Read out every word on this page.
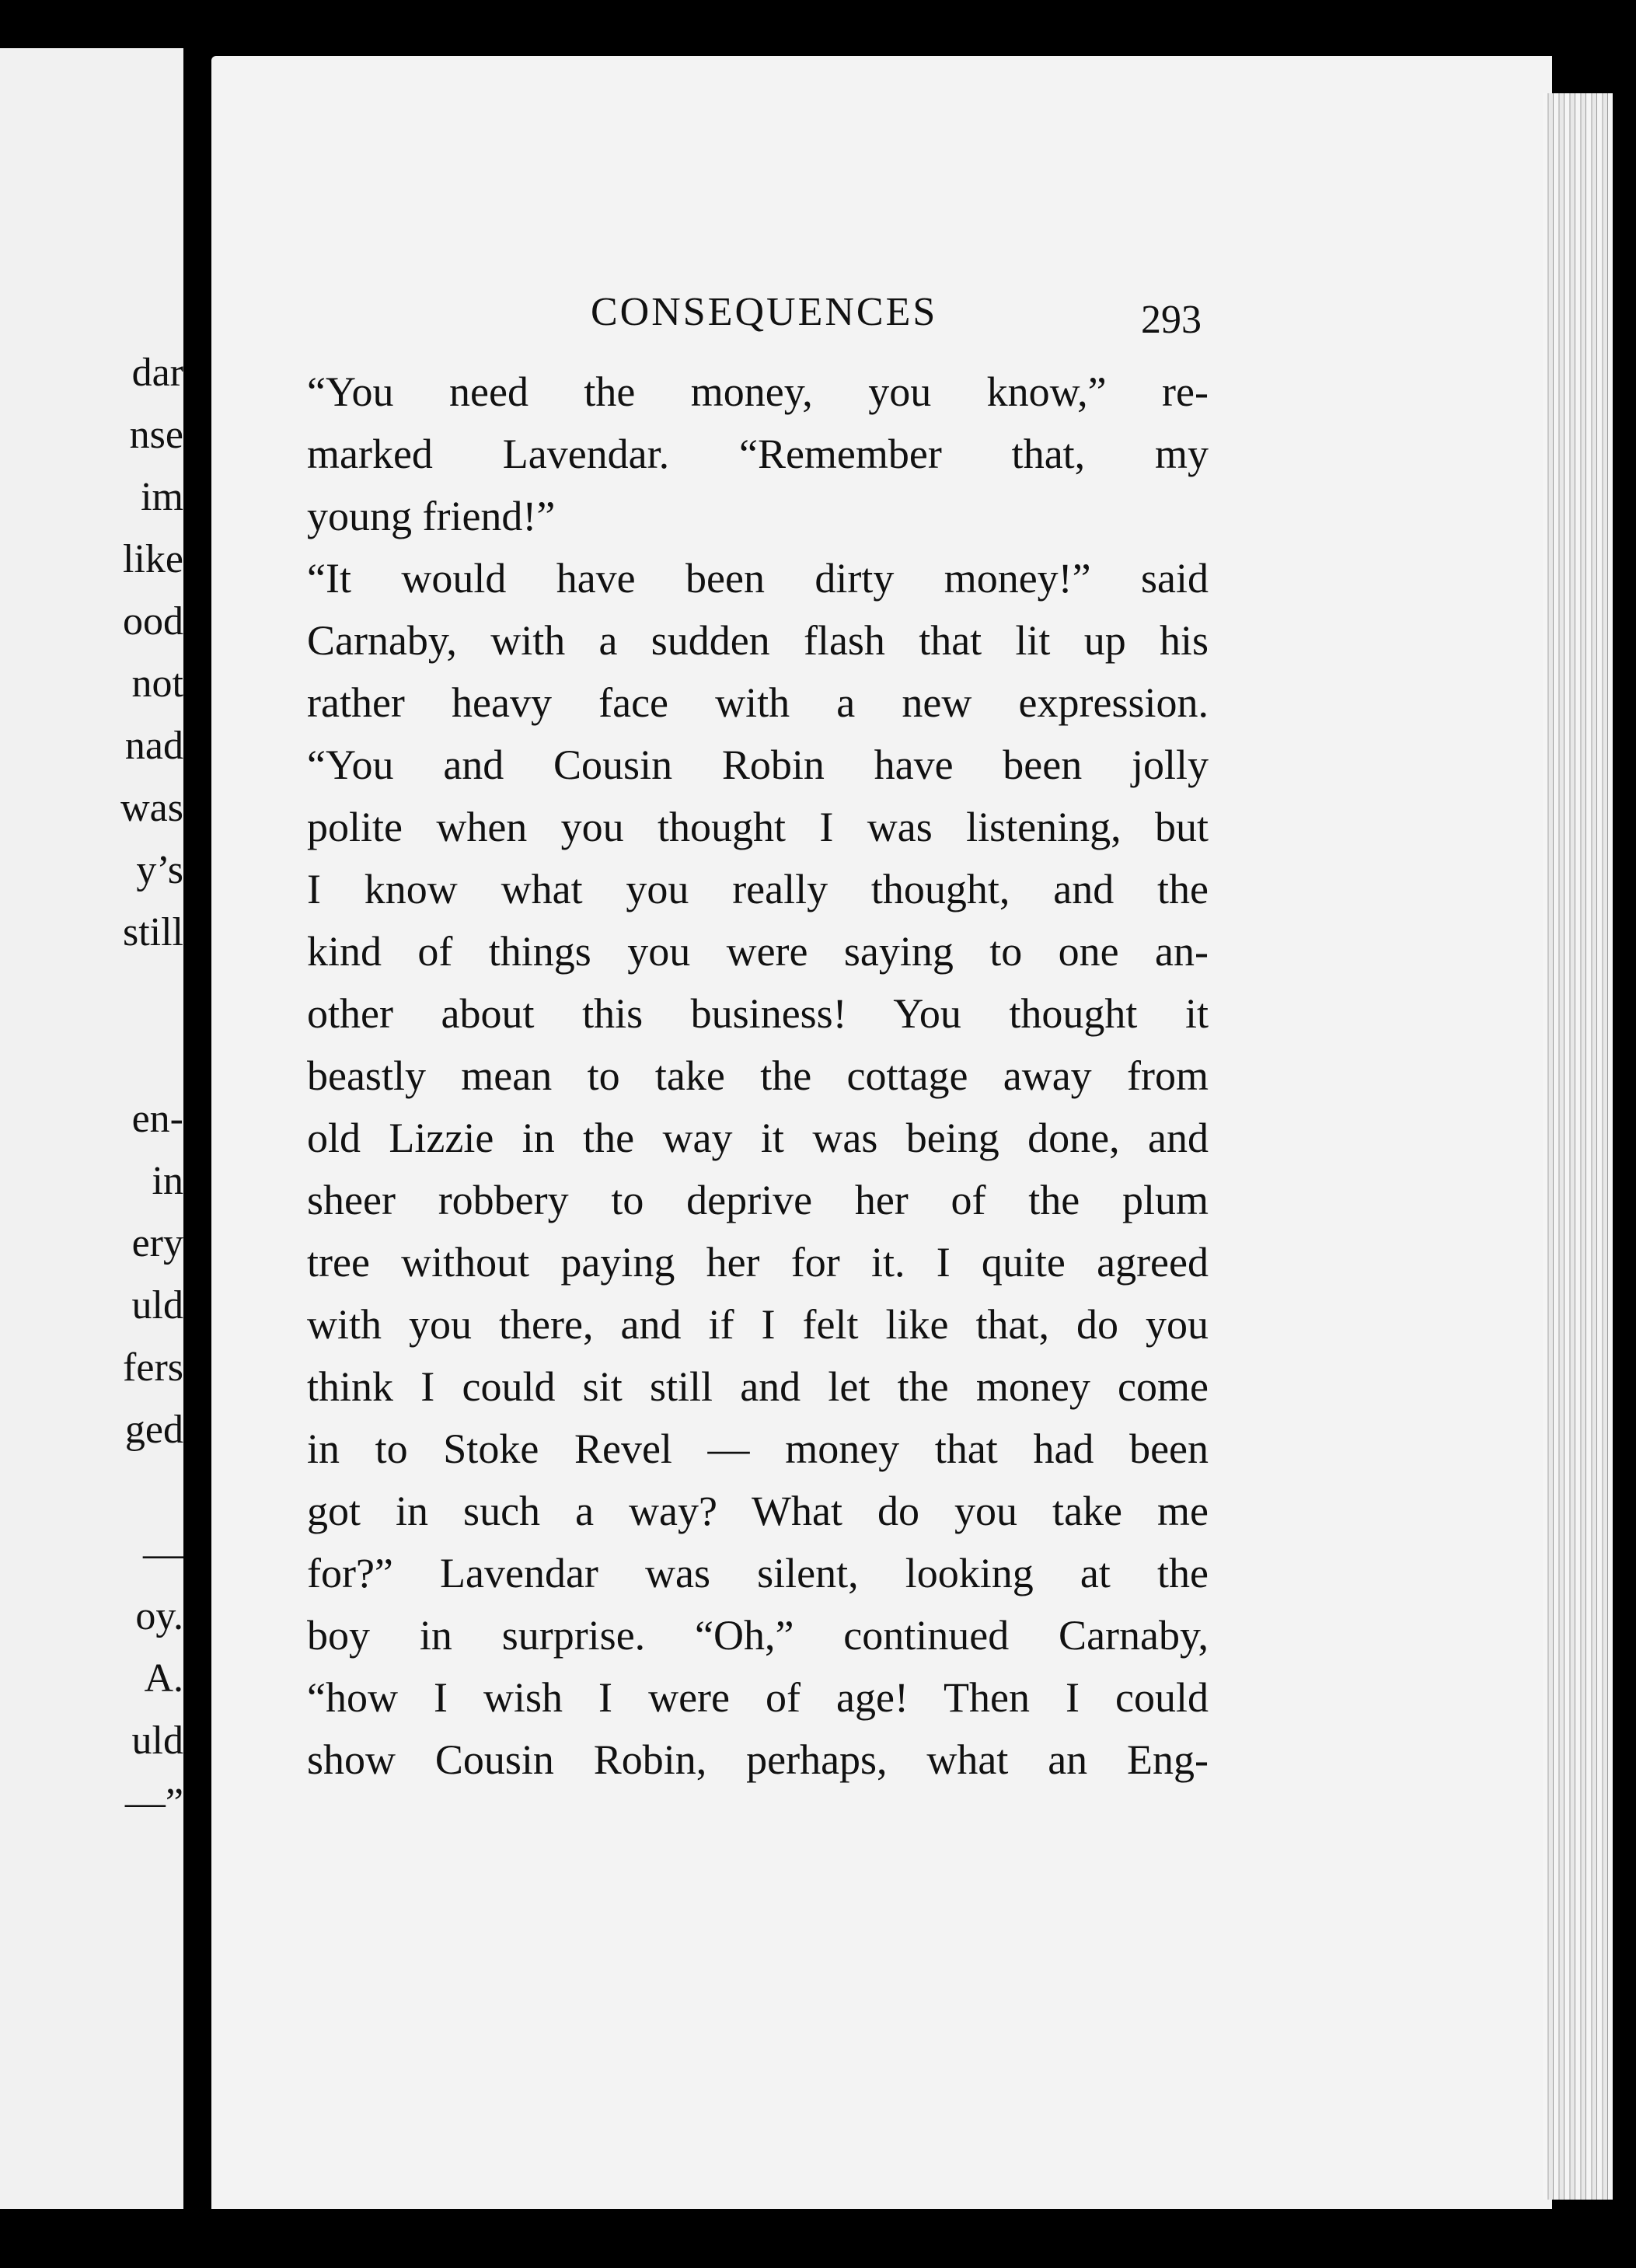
dar
nse
im
like
ood
not
nad
was
y’s
still
en-
in
ery
uld
fers
ged
—
oy.
A.
uld
—”
CONSEQUENCES	293
“You need the money, you know,” re-
marked Lavendar. “Remember that, my
young friend!”
“It would have been dirty money!” said
Carnaby, with a sudden flash that lit up his
rather heavy face with a new expression.
“You and Cousin Robin have been jolly
polite when you thought I was listening, but
I know what you really thought, and the
kind of things you were saying to one an-
other about this business! You thought it
beastly mean to take the cottage away from
old Lizzie in the way it was being done, and
sheer robbery to deprive her of the plum
tree without paying her for it. I quite agreed
with you there, and if I felt like that, do you
think I could sit still and let the money come
in to Stoke Revel — money that had been
got in such a way? What do you take me
for?” Lavendar was silent, looking at the
boy in surprise. “Oh,” continued Carnaby,
“how I wish I were of age! Then I could
show Cousin Robin, perhaps, what an Eng-
